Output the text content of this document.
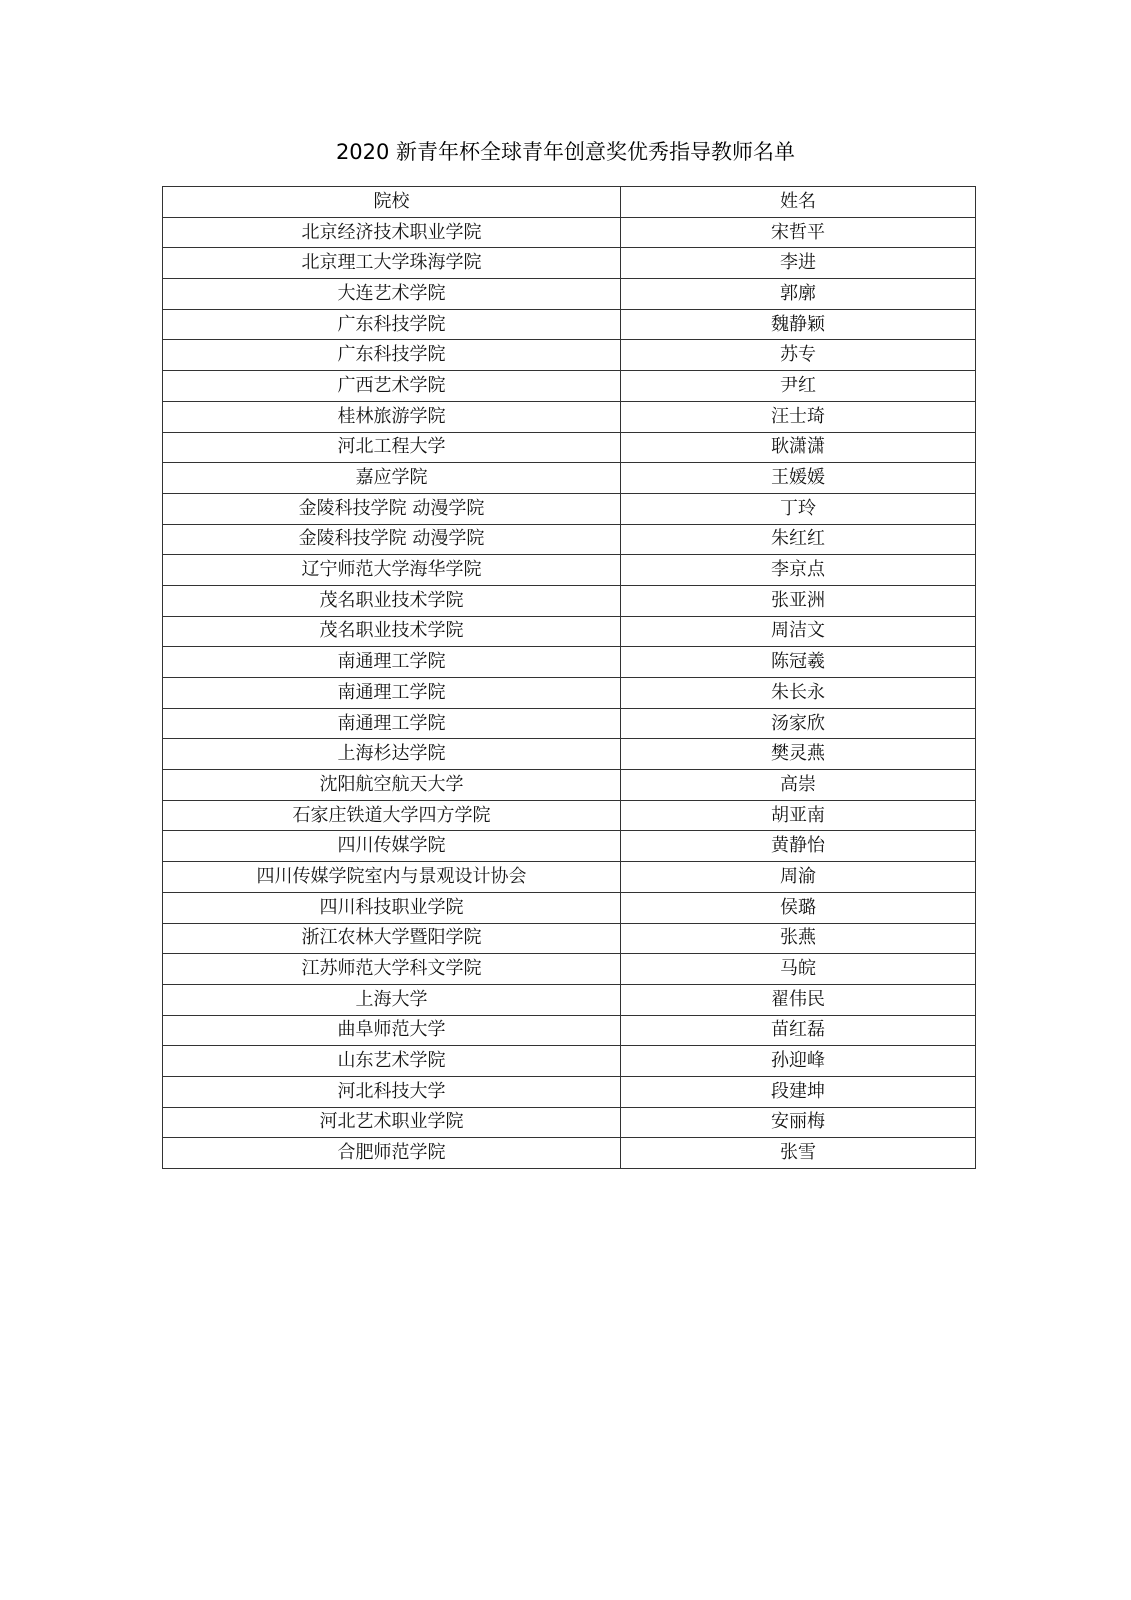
2020 新青年杯全球青年创意奖优秀指导教师名单
院校	姓名
北京经济技术职业学院	宋哲平
北京理工大学珠海学院	李进
大连艺术学院	郭廓
广东科技学院	魏静颖
广东科技学院	苏专
广西艺术学院	尹红
桂林旅游学院	汪士琦
河北工程大学	耿潇潇
嘉应学院	王媛媛
金陵科技学院 动漫学院	丁玲
金陵科技学院 动漫学院	朱红红
辽宁师范大学海华学院	李京点
茂名职业技术学院	张亚洲
茂名职业技术学院	周洁文
南通理工学院	陈冠羲
南通理工学院	朱长永
南通理工学院	汤家欣
上海杉达学院	樊灵燕
沈阳航空航天大学	高崇
石家庄铁道大学四方学院	胡亚南
四川传媒学院	黄静怡
四川传媒学院室内与景观设计协会	周渝
四川科技职业学院	侯璐
浙江农林大学暨阳学院	张燕
江苏师范大学科文学院	马皖
上海大学	翟伟民
曲阜师范大学	苗红磊
山东艺术学院	孙迎峰
河北科技大学	段建坤
河北艺术职业学院	安丽梅
合肥师范学院	张雪
